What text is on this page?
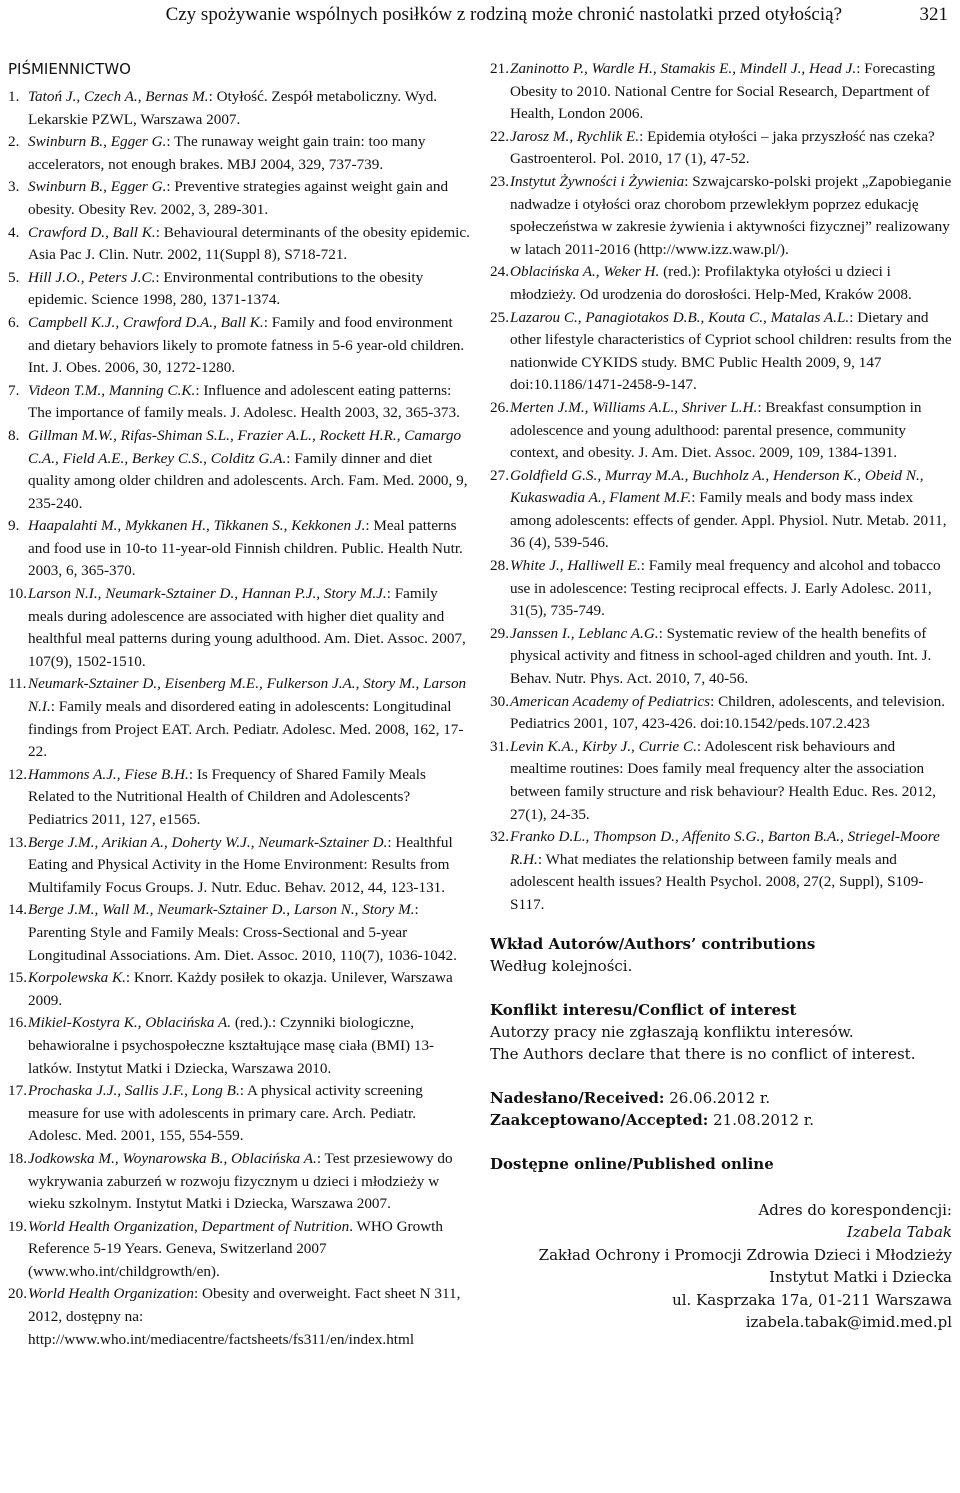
Czy spożywanie wspólnych posiłków z rodziną może chronić nastolatki przed otyłością?	321
PIŚMIENNICTWO
1. Tatoń J., Czech A., Bernas M.: Otyłość. Zespół metaboliczny. Wyd. Lekarskie PZWL, Warszawa 2007.
2. Swinburn B., Egger G.: The runaway weight gain train: too many accelerators, not enough brakes. MBJ 2004, 329, 737-739.
3. Swinburn B., Egger G.: Preventive strategies against weight gain and obesity. Obesity Rev. 2002, 3, 289-301.
4. Crawford D., Ball K.: Behavioural determinants of the obesity epidemic. Asia Pac J. Clin. Nutr. 2002, 11(Suppl 8), S718-721.
5. Hill J.O., Peters J.C.: Environmental contributions to the obesity epidemic. Science 1998, 280, 1371-1374.
6. Campbell K.J., Crawford D.A., Ball K.: Family and food environment and dietary behaviors likely to promote fatness in 5-6 year-old children. Int. J. Obes. 2006, 30, 1272-1280.
7. Videon T.M., Manning C.K.: Influence and adolescent eating patterns: The importance of family meals. J. Adolesc. Health 2003, 32, 365-373.
8. Gillman M.W., Rifas-Shiman S.L., Frazier A.L., Rockett H.R., Camargo C.A., Field A.E., Berkey C.S., Colditz G.A.: Family dinner and diet quality among older children and adolescents. Arch. Fam. Med. 2000, 9, 235-240.
9. Haapalahti M., Mykkanen H., Tikkanen S., Kekkonen J.: Meal patterns and food use in 10-to 11-year-old Finnish children. Public. Health Nutr. 2003, 6, 365-370.
10. Larson N.I., Neumark-Sztainer D., Hannan P.J., Story M.J.: Family meals during adolescence are associated with higher diet quality and healthful meal patterns during young adulthood. Am. Diet. Assoc. 2007, 107(9), 1502-1510.
11. Neumark-Sztainer D., Eisenberg M.E., Fulkerson J.A., Story M., Larson N.I.: Family meals and disordered eating in adolescents: Longitudinal findings from Project EAT. Arch. Pediatr. Adolesc. Med. 2008, 162, 17-22.
12. Hammons A.J., Fiese B.H.: Is Frequency of Shared Family Meals Related to the Nutritional Health of Children and Adolescents? Pediatrics 2011, 127, e1565.
13. Berge J.M., Arikian A., Doherty W.J., Neumark-Sztainer D.: Healthful Eating and Physical Activity in the Home Environment: Results from Multifamily Focus Groups. J. Nutr. Educ. Behav. 2012, 44, 123-131.
14. Berge J.M., Wall M., Neumark-Sztainer D., Larson N., Story M.: Parenting Style and Family Meals: Cross-Sectional and 5-year Longitudinal Associations. Am. Diet. Assoc. 2010, 110(7), 1036-1042.
15. Korpolewska K.: Knorr. Każdy posiłek to okazja. Unilever, Warszawa 2009.
16. Mikiel-Kostyra K., Oblacińska A. (red.).: Czynniki biologiczne, behawioralne i psychospołeczne kształtujące masę ciała (BMI) 13-latków. Instytut Matki i Dziecka, Warszawa 2010.
17. Prochaska J.J., Sallis J.F., Long B.: A physical activity screening measure for use with adolescents in primary care. Arch. Pediatr. Adolesc. Med. 2001, 155, 554-559.
18. Jodkowska M., Woynarowska B., Oblacińska A.: Test przesiewowy do wykrywania zaburzeń w rozwoju fizycznym u dzieci i młodzieży w wieku szkolnym. Instytut Matki i Dziecka, Warszawa 2007.
19. World Health Organization, Department of Nutrition. WHO Growth Reference 5-19 Years. Geneva, Switzerland 2007 (www.who.int/childgrowth/en).
20. World Health Organization: Obesity and overweight. Fact sheet N 311, 2012, dostępny na: http://www.who.int/mediacentre/factsheets/fs311/en/index.html
21. Zaninotto P., Wardle H., Stamakis E., Mindell J., Head J.: Forecasting Obesity to 2010. National Centre for Social Research, Department of Health, London 2006.
22. Jarosz M., Rychlik E.: Epidemia otyłości – jaka przyszłość nas czeka? Gastroenterol. Pol. 2010, 17 (1), 47-52.
23. Instytut Żywności i Żywienia: Szwajcarsko-polski projekt „Zapobieganie nadwadze i otyłości oraz chorobom przewlekłym poprzez edukację społeczeństwa w zakresie żywienia i aktywności fizycznej” realizowany w latach 2011-2016 (http://www.izz.waw.pl/).
24. Oblacińska A., Weker H. (red.): Profilaktyka otyłości u dzieci i młodzieży. Od urodzenia do dorosłości. Help-Med, Kraków 2008.
25. Lazarou C., Panagiotakos D.B., Kouta C., Matalas A.L.: Dietary and other lifestyle characteristics of Cypriot school children: results from the nationwide CYKIDS study. BMC Public Health 2009, 9, 147 doi:10.1186/1471-2458-9-147.
26. Merten J.M., Williams A.L., Shriver L.H.: Breakfast consumption in adolescence and young adulthood: parental presence, community context, and obesity. J. Am. Diet. Assoc. 2009, 109, 1384-1391.
27. Goldfield G.S., Murray M.A., Buchholz A., Henderson K., Obeid N., Kukaswadia A., Flament M.F.: Family meals and body mass index among adolescents: effects of gender. Appl. Physiol. Nutr. Metab. 2011, 36 (4), 539-546.
28. White J., Halliwell E.: Family meal frequency and alcohol and tobacco use in adolescence: Testing reciprocal effects. J. Early Adolesc. 2011, 31(5), 735-749.
29. Janssen I., Leblanc A.G.: Systematic review of the health benefits of physical activity and fitness in school-aged children and youth. Int. J. Behav. Nutr. Phys. Act. 2010, 7, 40-56.
30. American Academy of Pediatrics: Children, adolescents, and television. Pediatrics 2001, 107, 423-426. doi:10.1542/peds.107.2.423
31. Levin K.A., Kirby J., Currie C.: Adolescent risk behaviours and mealtime routines: Does family meal frequency alter the association between family structure and risk behaviour? Health Educ. Res. 2012, 27(1), 24-35.
32. Franko D.L., Thompson D., Affenito S.G., Barton B.A., Striegel-Moore R.H.: What mediates the relationship between family meals and adolescent health issues? Health Psychol. 2008, 27(2, Suppl), S109-S117.
Wkład Autorów/Authors’ contributions
Według kolejności.
Konflikt interesu/Conflict of interest
Autorzy pracy nie zgłaszają konfliktu interesów.
The Authors declare that there is no conflict of interest.
Nadesłano/Received: 26.06.2012 r.
Zaakceptowano/Accepted: 21.08.2012 r.
Dostępne online/Published online
Adres do korespondencji:
Izabela Tabak
Zakład Ochrony i Promocji Zdrowia Dzieci i Młodzieży
Instytut Matki i Dziecka
ul. Kasprzaka 17a, 01-211 Warszawa
izabela.tabak@imid.med.pl
